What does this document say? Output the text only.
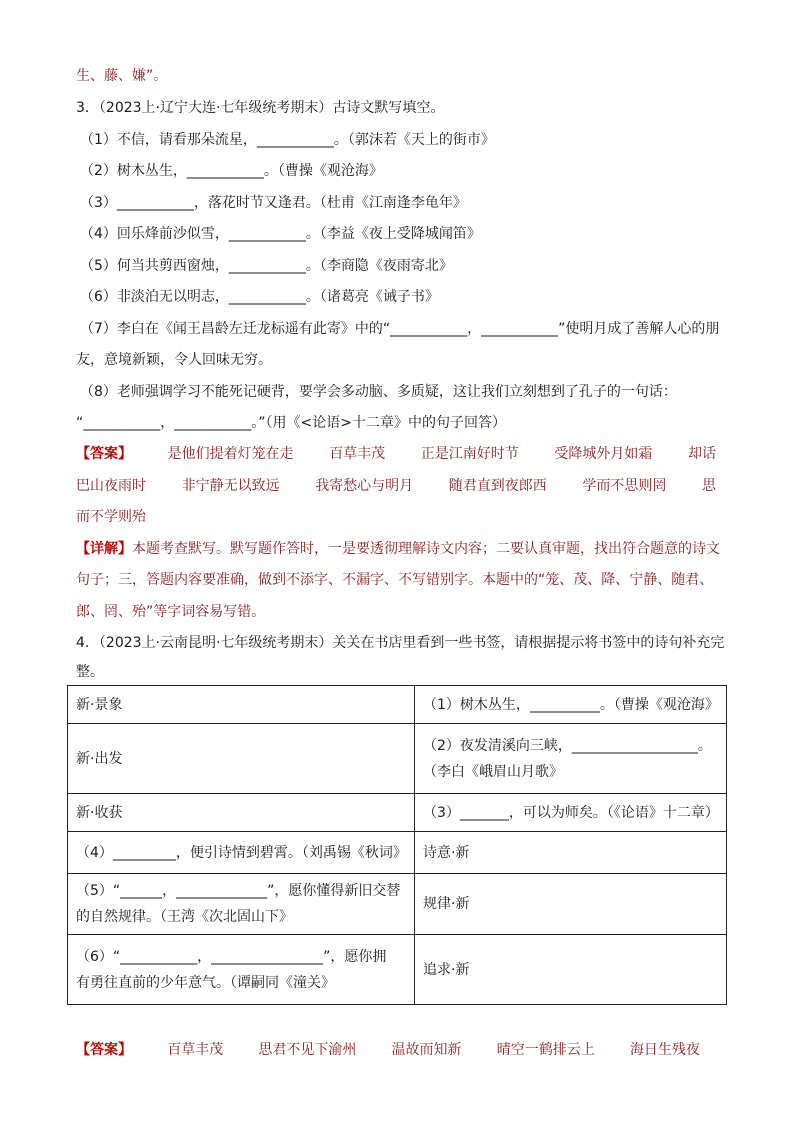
生、藤、嫌”。
3．（2023上·辽宁大连·七年级统考期末）古诗文默写填空。
（1）不信，请看那朵流星，___________。（郭沫若《天上的街市》
（2）树木丛生，___________。（曹操《观沧海》
（3）___________，落花时节又逢君。（杜甫《江南逢李龟年》
（4）回乐烽前沙似雪，___________。（李益《夜上受降城闻笛》
（5）何当共剪西窗烛，___________。（李商隐《夜雨寄北》
（6）非淡泊无以明志，___________。（诸葛亮《诫子书》
（7）李白在《闻王昌龄左迁龙标遥有此寄》中的“___________，___________”使明月成了善解人心的朋
友，意境新颖，令人回味无穷。
（8）老师强调学习不能死记硬背，要学会多动脑、多质疑，这让我们立刻想到了孔子的一句话：
“___________，___________。”（用《<论语>十二章》中的句子回答）
【答案】	是他们提着灯笼在走	百草丰茂	正是江南好时节	受降城外月如霜	却话
巴山夜雨时	非宁静无以致远	我寄愁心与明月	随君直到夜郎西	学而不思则罔	思
而不学则殆
【详解】本题考查默写。默写题作答时，一是要透彻理解诗文内容；二要认真审题，找出符合题意的诗文
句子；三，答题内容要准确，做到不添字、不漏字、不写错别字。本题中的“笼、茂、降、宁静、随君、
郎、罔、殆”等字词容易写错。
4．（2023上·云南昆明·七年级统考期末）关关在书店里看到一些书签，请根据提示将书签中的诗句补充完
整。
新·景象	（1）树木丛生，__________。（曹操《观沧海》
新·出发	（2）夜发清溪向三峡，__________________。
（李白《峨眉山月歌》
新·收获	（3）_______，可以为师矣。（《论语》十二章）
（4）_________，便引诗情到碧霄。（刘禹锡《秋词》	诗意·新
（5）“______，_____________”，愿你懂得新旧交替
的自然规律。（王湾《次北固山下》	规律·新
（6）“___________，________________”，愿你拥
有勇往直前的少年意气。（谭嗣同《潼关》	追求·新
【答案】	百草丰茂	思君不见下渝州	温故而知新	晴空一鹤排云上	海日生残夜
